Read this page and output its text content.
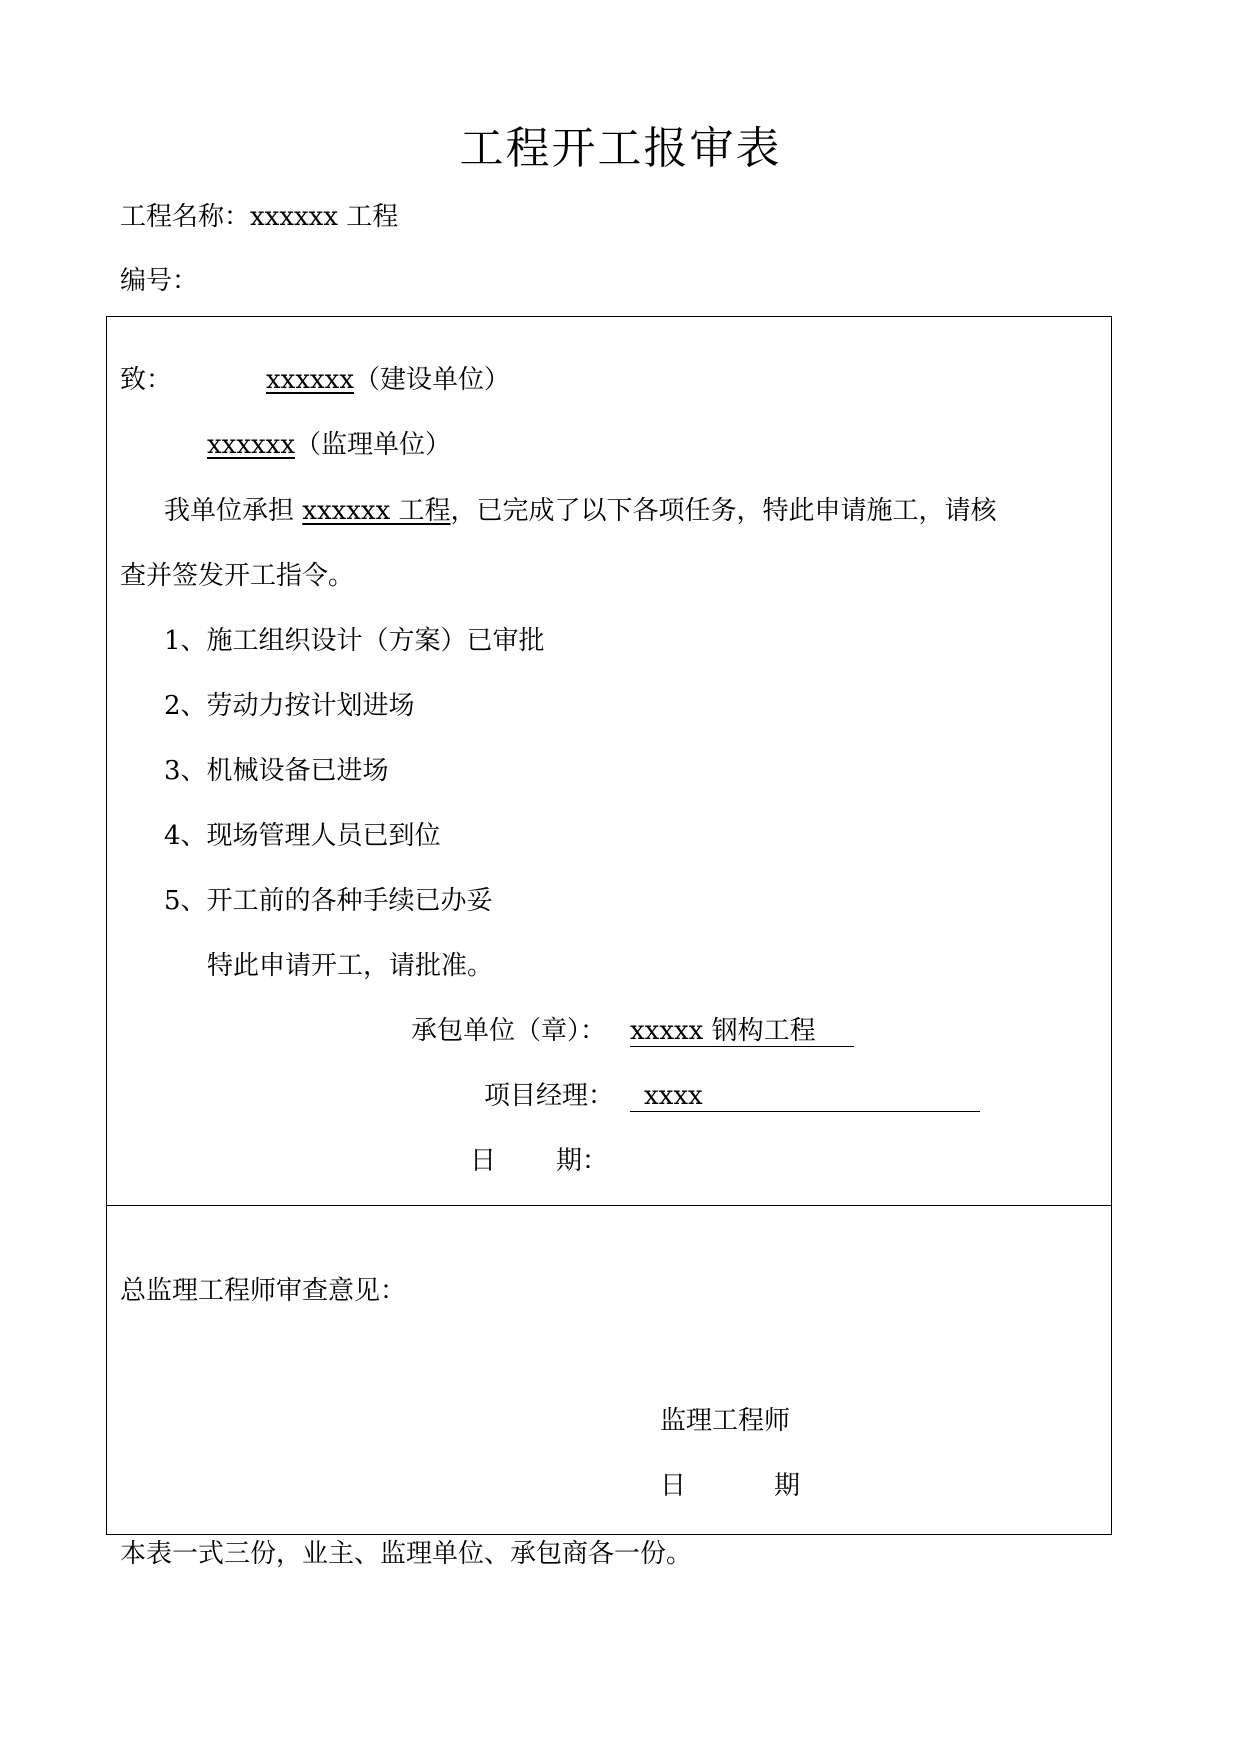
工程开工报审表
工程名称：xxxxxx 工程
编号：
致：	xxxxxx（建设单位）
xxxxxx（监理单位）
我单位承担 xxxxxx 工程，已完成了以下各项任务，特此申请施工，请核
查并签发开工指令。
1、施工组织设计（方案）已审批
2、劳动力按计划进场
3、机械设备已进场
4、现场管理人员已到位
5、开工前的各种手续已办妥
特此申请开工，请批准。
承包单位（章）： xxxxx 钢构工程
项目经理： xxxx
日 期：
总监理工程师审查意见：
监理工程师
日	期
本表一式三份，业主、监理单位、承包商各一份。
